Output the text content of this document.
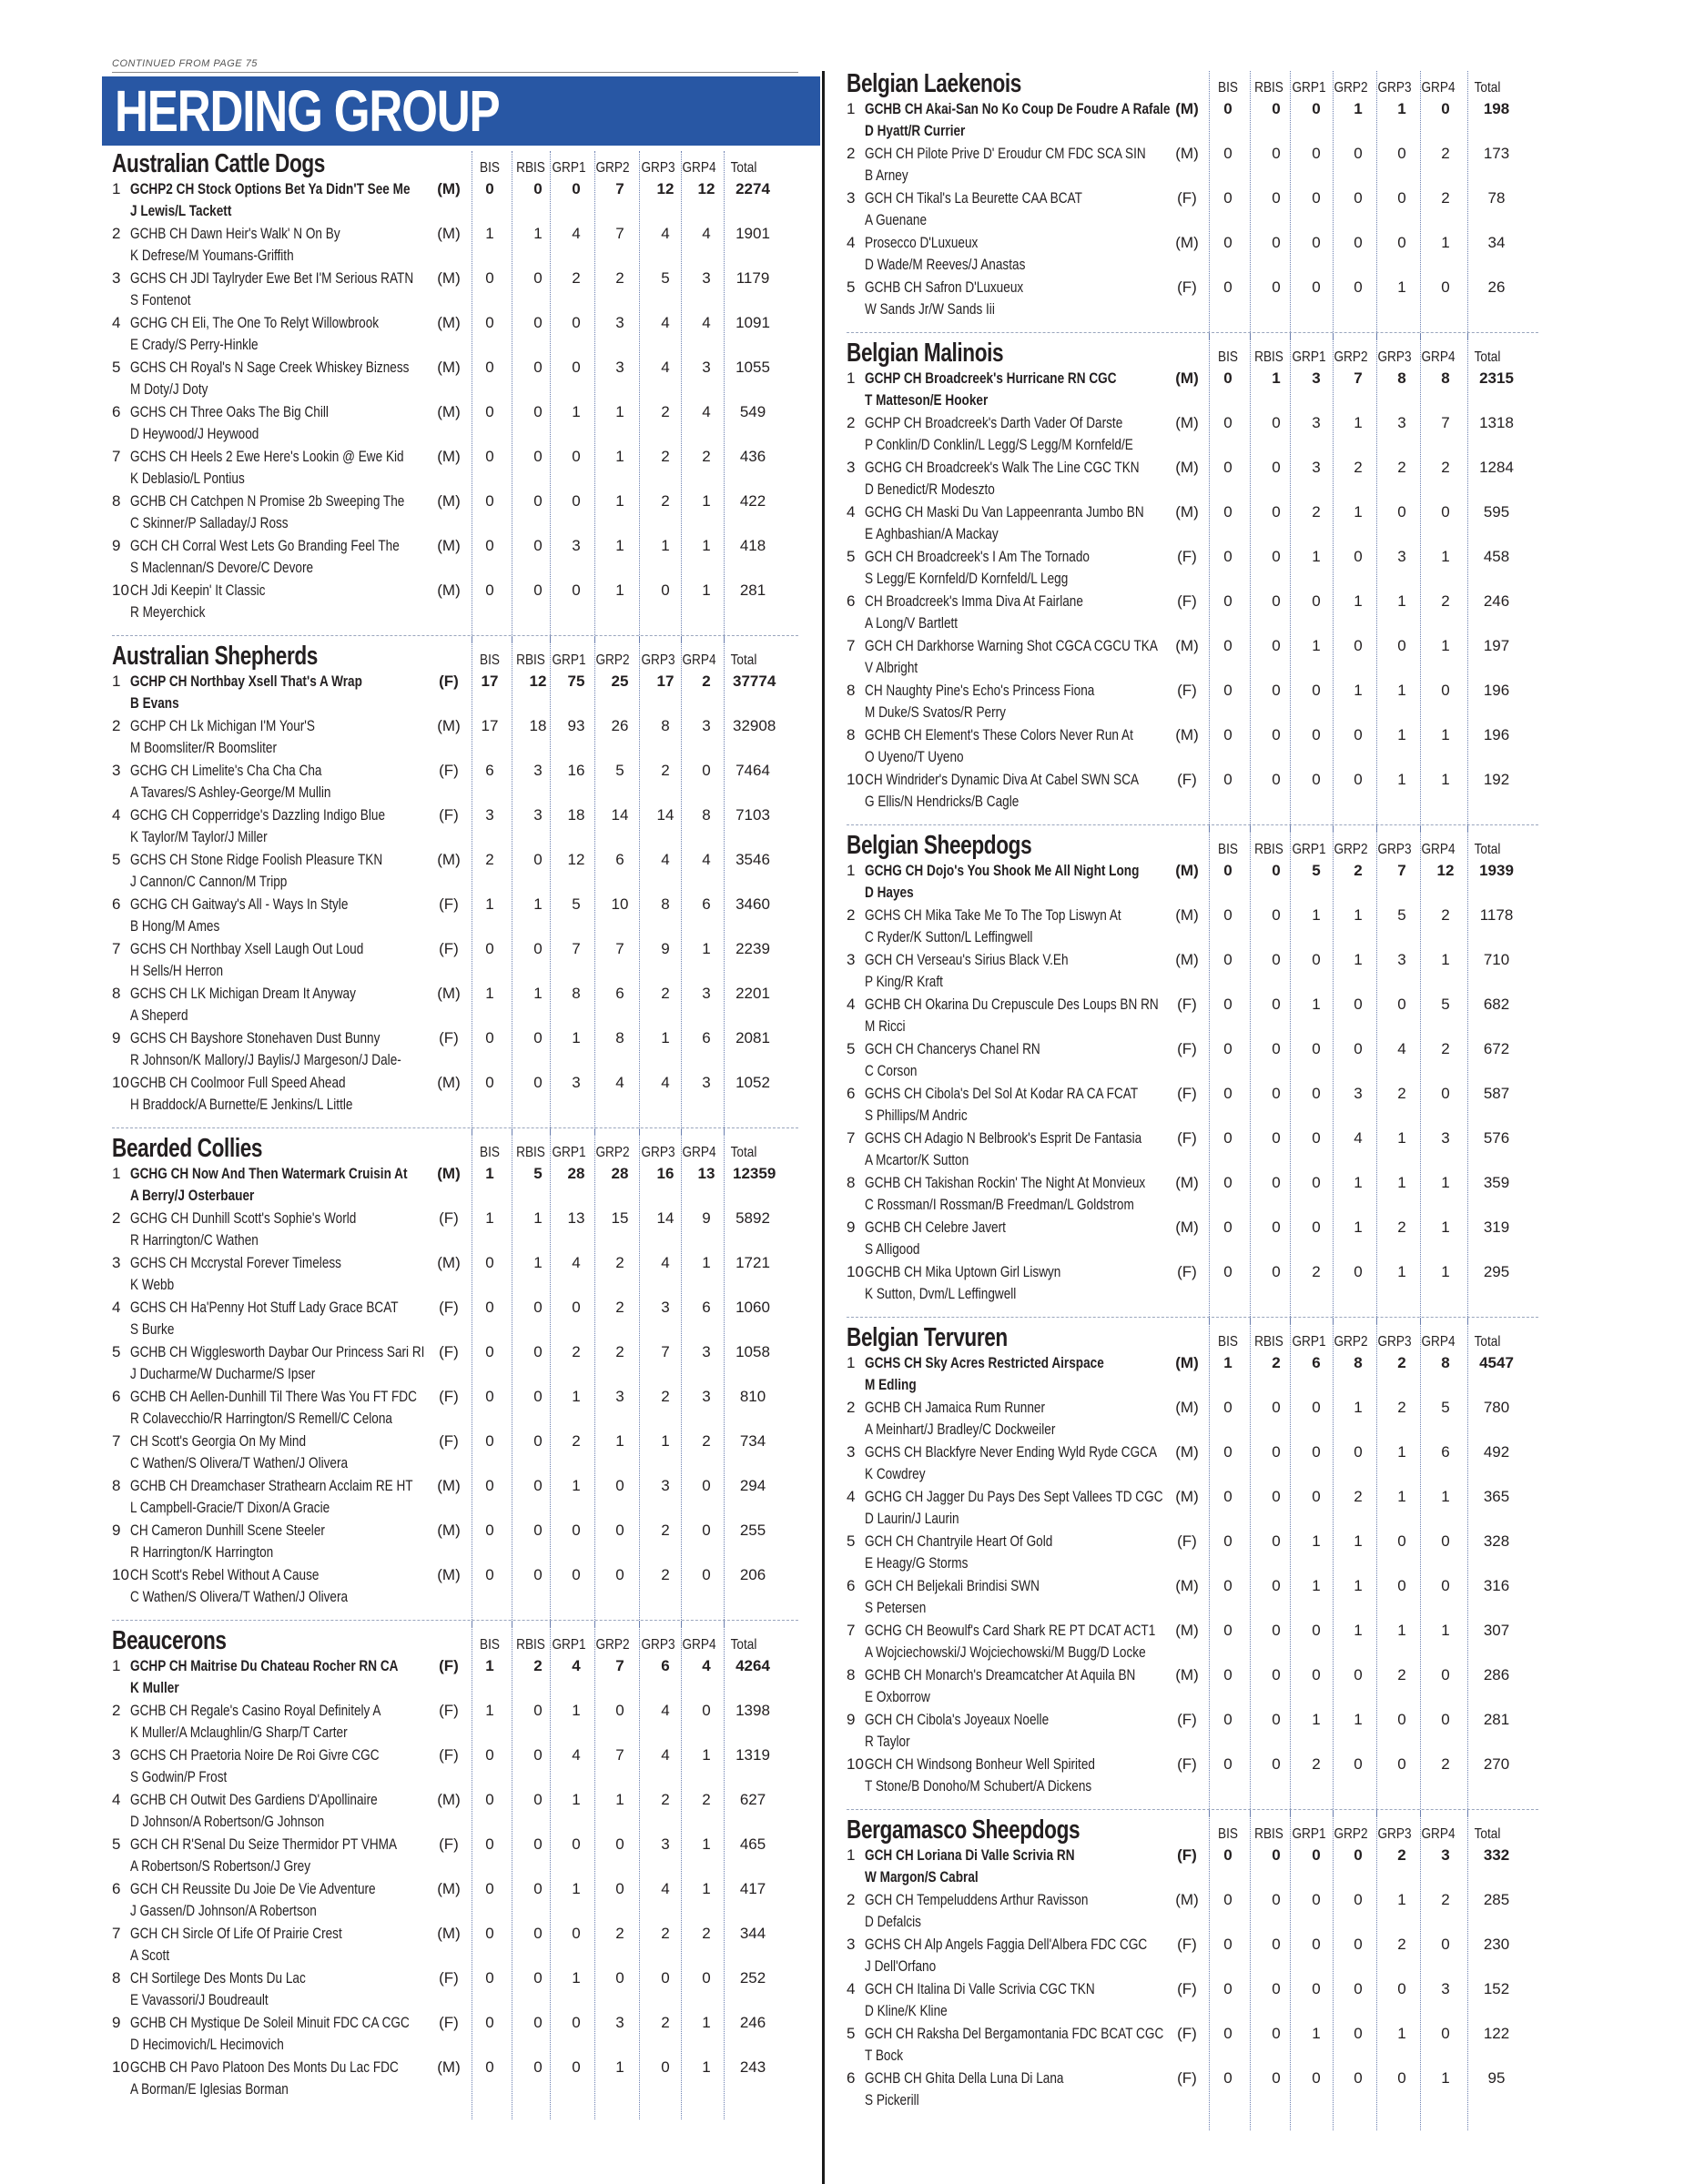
CONTINUED FROM PAGE 75
HERDING GROUP
Australian Cattle Dogs	BIS	RBIS GRP1 GRP2 GRP3 GRP4 Total
1 GCHP2 CH Stock Options Bet Ya Didn'T See Me
J Lewis/L Tackett
(M)	0	0	0	7	12	12	2274
2 GCHB CH Dawn Heir's Walk' N On By
K Defrese/M Youmans-Griffith
(M)	1	1	4	7	4	4	1901
3 GCHS CH JDI Taylryder Ewe Bet I'M Serious RATN
S Fontenot
(M)	0	0	2	2	5	3	1179
4 GCHG CH Eli, The One To Relyt Willowbrook
E Crady/S Perry-Hinkle
(M)	0	0	0	3	4	4	1091
5 GCHS CH Royal's N Sage Creek Whiskey Bizness
M Doty/J Doty
(M)	0	0	0	3	4	3	1055
6 GCHS CH Three Oaks The Big Chill
D Heywood/J Heywood
(M)	0	0	1	1	2	4	549
7 GCHS CH Heels 2 Ewe Here's Lookin @ Ewe Kid
K Deblasio/L Pontius
(M)	0	0	0	1	2	2	436
8 GCHB CH Catchpen N Promise 2b Sweeping The
C Skinner/P Salladay/J Ross
(M)	0	0	0	1	2	1	422
9 GCH CH Corral West Lets Go Branding Feel The
S Maclennan/S Devore/C Devore
(M)	0	0	3	1	1	1	418
10 CH Jdi Keepin' It Classic
R Meyerchick
(M)	0	0	0	1	0	1	281
Australian Shepherds	BIS	RBIS GRP1 GRP2 GRP3 GRP4 Total
1 GCHP CH Northbay Xsell That's A Wrap
B Evans
(F)	17	12	75	25	17	2	37774
2 GCHP CH Lk Michigan I'M Your'S
M Boomsliter/R Boomsliter
(M)	17	18	93	26	8	3	32908
3 GCHG CH Limelite's Cha Cha Cha
A Tavares/S Ashley-George/M Mullin
(F)	6	3	16	5	2	0	7464
4 GCHG CH Copperridge's Dazzling Indigo Blue
K Taylor/M Taylor/J Miller
(F)	3	3	18	14	14	8	7103
5 GCHS CH Stone Ridge Foolish Pleasure TKN
J Cannon/C Cannon/M Tripp
(M)	2	0	12	6	4	4	3546
6 GCHG CH Gaitway's All - Ways In Style
B Hong/M Ames
(F)	1	1	5	10	8	6	3460
7 GCHS CH Northbay Xsell Laugh Out Loud
H Sells/H Herron
(F)	0	0	7	7	9	1	2239
8 GCHS CH LK Michigan Dream It Anyway
A Sheperd
(M)	1	1	8	6	2	3	2201
9 GCHS CH Bayshore Stonehaven Dust Bunny
R Johnson/K Mallory/J Baylis/J Margeson/J Dale-
(F)	0	0	1	8	1	6	2081
10 GCHB CH Coolmoor Full Speed Ahead
H Braddock/A Burnette/E Jenkins/L Little
(M)	0	0	3	4	4	3	1052
Bearded Collies	BIS	RBIS GRP1 GRP2 GRP3 GRP4 Total
1 GCHG CH Now And Then Watermark Cruisin At
A Berry/J Osterbauer
(M)	1	5	28	28	16	13	12359
2 GCHG CH Dunhill Scott's Sophie's World
R Harrington/C Wathen
(F)	1	1	13	15	14	9	5892
3 GCHS CH Mccrystal Forever Timeless
K Webb
(M)	0	1	4	2	4	1	1721
4 GCHS CH Ha'Penny Hot Stuff Lady Grace BCAT
S Burke
(F)	0	0	0	2	3	6	1060
5 GCHB CH Wigglesworth Daybar Our Princess Sari RI
J Ducharme/W Ducharme/S Ipser
(F)	0	0	2	2	7	3	1058
6 GCHB CH Aellen-Dunhill Til There Was You FT FDC
R Colavecchio/R Harrington/S Remell/C Celona
(F)	0	0	1	3	2	3	810
7 CH Scott's Georgia On My Mind
C Wathen/S Olivera/T Wathen/J Olivera
(F)	0	0	2	1	1	2	734
8 GCHB CH Dreamchaser Strathearn Acclaim RE HT
L Campbell-Gracie/T Dixon/A Gracie
(M)	0	0	1	0	3	0	294
9 CH Cameron Dunhill Scene Steeler
R Harrington/K Harrington
(M)	0	0	0	0	2	0	255
10 CH Scott's Rebel Without A Cause
C Wathen/S Olivera/T Wathen/J Olivera
(M)	0	0	0	0	2	0	206
Beaucerons	BIS	RBIS GRP1 GRP2 GRP3 GRP4 Total
1 GCHP CH Maitrise Du Chateau Rocher RN CA
K Muller
(F)	1	2	4	7	6	4	4264
2 GCHB CH Regale's Casino Royal Definitely A
K Muller/A Mclaughlin/G Sharp/T Carter
(F)	1	0	1	0	4	0	1398
3 GCHS CH Praetoria Noire De Roi Givre CGC
S Godwin/P Frost
(F)	0	0	4	7	4	1	1319
4 GCHB CH Outwit Des Gardiens D'Apollinaire
D Johnson/A Robertson/G Johnson
(M)	0	0	1	1	2	2	627
5 GCH CH R'Senal Du Seize Thermidor PT VHMA
A Robertson/S Robertson/J Grey
(F)	0	0	0	0	3	1	465
6 GCH CH Reussite Du Joie De Vie Adventure
J Gassen/D Johnson/A Robertson
(M)	0	0	1	0	4	1	417
7 GCH CH Sircle Of Life Of Prairie Crest
A Scott
(M)	0	0	0	2	2	2	344
8 CH Sortilege Des Monts Du Lac
E Vavassori/J Boudreault
(F)	0	0	1	0	0	0	252
9 GCHB CH Mystique De Soleil Minuit FDC CA CGC
D Hecimovich/L Hecimovich
(F)	0	0	0	3	2	1	246
10 GCHB CH Pavo Platoon Des Monts Du Lac FDC
A Borman/E Iglesias Borman
(M)	0	0	0	1	0	1	243
Belgian Laekenois	BIS	RBIS GRP1 GRP2 GRP3 GRP4 Total
1 GCHB CH Akai-San No Ko Coup De Foudre A Rafale
D Hyatt/R Currier
(M)	0	0	0	1	1	0	198
2 GCH CH Pilote Prive D' Eroudur CM FDC SCA SIN
B Arney
(M)	0	0	0	0	0	2	173
3 GCH CH Tikal's La Beurette CAA BCAT
A Guenane
(F)	0	0	0	0	0	2	78
4 Prosecco D'Luxueux
D Wade/M Reeves/J Anastas
(M)	0	0	0	0	0	1	34
5 GCHB CH Safron D'Luxueux
W Sands Jr/W Sands Iii
(F)	0	0	0	0	1	0	26
Belgian Malinois	BIS	RBIS GRP1 GRP2 GRP3 GRP4 Total
1 GCHP CH Broadcreek's Hurricane RN CGC
T Matteson/E Hooker
(M)	0	1	3	7	8	8	2315
2 GCHP CH Broadcreek's Darth Vader Of Darste
P Conklin/D Conklin/L Legg/S Legg/M Kornfeld/E
(M)	0	0	3	1	3	7	1318
3 GCHG CH Broadcreek's Walk The Line CGC TKN
D Benedict/R Modeszto
(M)	0	0	3	2	2	2	1284
4 GCHG CH Maski Du Van Lappeenranta Jumbo BN
E Aghbashian/A Mackay
(M)	0	0	2	1	0	0	595
5 GCH CH Broadcreek's I Am The Tornado
S Legg/E Kornfeld/D Kornfeld/L Legg
(F)	0	0	1	0	3	1	458
6 CH Broadcreek's Imma Diva At Fairlane
A Long/V Bartlett
(F)	0	0	0	1	1	2	246
7 GCH CH Darkhorse Warning Shot CGCA CGCU TKA
V Albright
(M)	0	0	1	0	0	1	197
8 CH Naughty Pine's Echo's Princess Fiona
M Duke/S Svatos/R Perry
(F)	0	0	0	1	1	0	196
8 GCHB CH Element's These Colors Never Run At
O Uyeno/T Uyeno
(M)	0	0	0	0	1	1	196
10 CH Windrider's Dynamic Diva At Cabel SWN SCA
G Ellis/N Hendricks/B Cagle
(F)	0	0	0	0	1	1	192
Belgian Sheepdogs	BIS	RBIS GRP1 GRP2 GRP3 GRP4 Total
1 GCHG CH Dojo's You Shook Me All Night Long
D Hayes
(M)	0	0	5	2	7	12	1939
2 GCHS CH Mika Take Me To The Top Liswyn At
C Ryder/K Sutton/L Leffingwell
(M)	0	0	1	1	5	2	1178
3 GCH CH Verseau's Sirius Black V.Eh
P King/R Kraft
(M)	0	0	0	1	3	1	710
4 GCHB CH Okarina Du Crepuscule Des Loups BN RN
M Ricci
(F)	0	0	1	0	0	5	682
5 GCH CH Chancerys Chanel RN
C Corson
(F)	0	0	0	0	4	2	672
6 GCHS CH Cibola's Del Sol At Kodar RA CA FCAT
S Phillips/M Andric
(F)	0	0	0	3	2	0	587
7 GCHS CH Adagio N Belbrook's Esprit De Fantasia
A Mcartor/K Sutton
(F)	0	0	0	4	1	3	576
8 GCHB CH Takishan Rockin' The Night At Monvieux
C Rossman/I Rossman/B Freedman/L Goldstrom
(M)	0	0	0	1	1	1	359
9 GCHB CH Celebre Javert
S Alligood
(M)	0	0	0	1	2	1	319
10 GCHB CH Mika Uptown Girl Liswyn
K Sutton, Dvm/L Leffingwell
(F)	0	0	2	0	1	1	295
Belgian Tervuren	BIS	RBIS GRP1 GRP2 GRP3 GRP4 Total
1 GCHS CH Sky Acres Restricted Airspace
M Edling
(M)	1	2	6	8	2	8	4547
2 GCHB CH Jamaica Rum Runner
A Meinhart/J Bradley/C Dockweiler
(M)	0	0	0	1	2	5	780
3 GCHS CH Blackfyre Never Ending Wyld Ryde CGCA
K Cowdrey
(M)	0	0	0	0	1	6	492
4 GCHG CH Jagger Du Pays Des Sept Vallees TD CGC
D Laurin/J Laurin
(M)	0	0	0	2	1	1	365
5 GCH CH Chantryile Heart Of Gold
E Heagy/G Storms
(F)	0	0	1	1	0	0	328
6 GCH CH Beljekali Brindisi SWN
S Petersen
(M)	0	0	1	1	0	0	316
7 GCHG CH Beowulf's Card Shark RE PT DCAT ACT1
A Wojciechowski/J Wojciechowski/M Bugg/D Locke
(M)	0	0	0	1	1	1	307
8 GCHB CH Monarch's Dreamcatcher At Aquila BN
E Oxborrow
(M)	0	0	0	0	2	0	286
9 GCH CH Cibola's Joyeaux Noelle
R Taylor
(F)	0	0	1	1	0	0	281
10 GCH CH Windsong Bonheur Well Spirited
T Stone/B Donoho/M Schubert/A Dickens
(F)	0	0	2	0	0	2	270
Bergamasco Sheepdogs	BIS	RBIS GRP1 GRP2 GRP3 GRP4 Total
1 GCH CH Loriana Di Valle Scrivia RN
W Margon/S Cabral
(F)	0	0	0	0	2	3	332
2 GCH CH Tempeluddens Arthur Ravisson
D Defalcis
(M)	0	0	0	0	1	2	285
3 GCHS CH Alp Angels Faggia Dell'Albera FDC CGC
J Dell'Orfano
(F)	0	0	0	0	2	0	230
4 GCH CH Italina Di Valle Scrivia CGC TKN
D Kline/K Kline
(F)	0	0	0	0	0	3	152
5 GCH CH Raksha Del Bergamontania FDC BCAT CGC
T Bock
(F)	0	0	1	0	1	0	122
6 GCHB CH Ghita Della Luna Di Lana
S Pickerill
(F)	0	0	0	0	0	1	95
